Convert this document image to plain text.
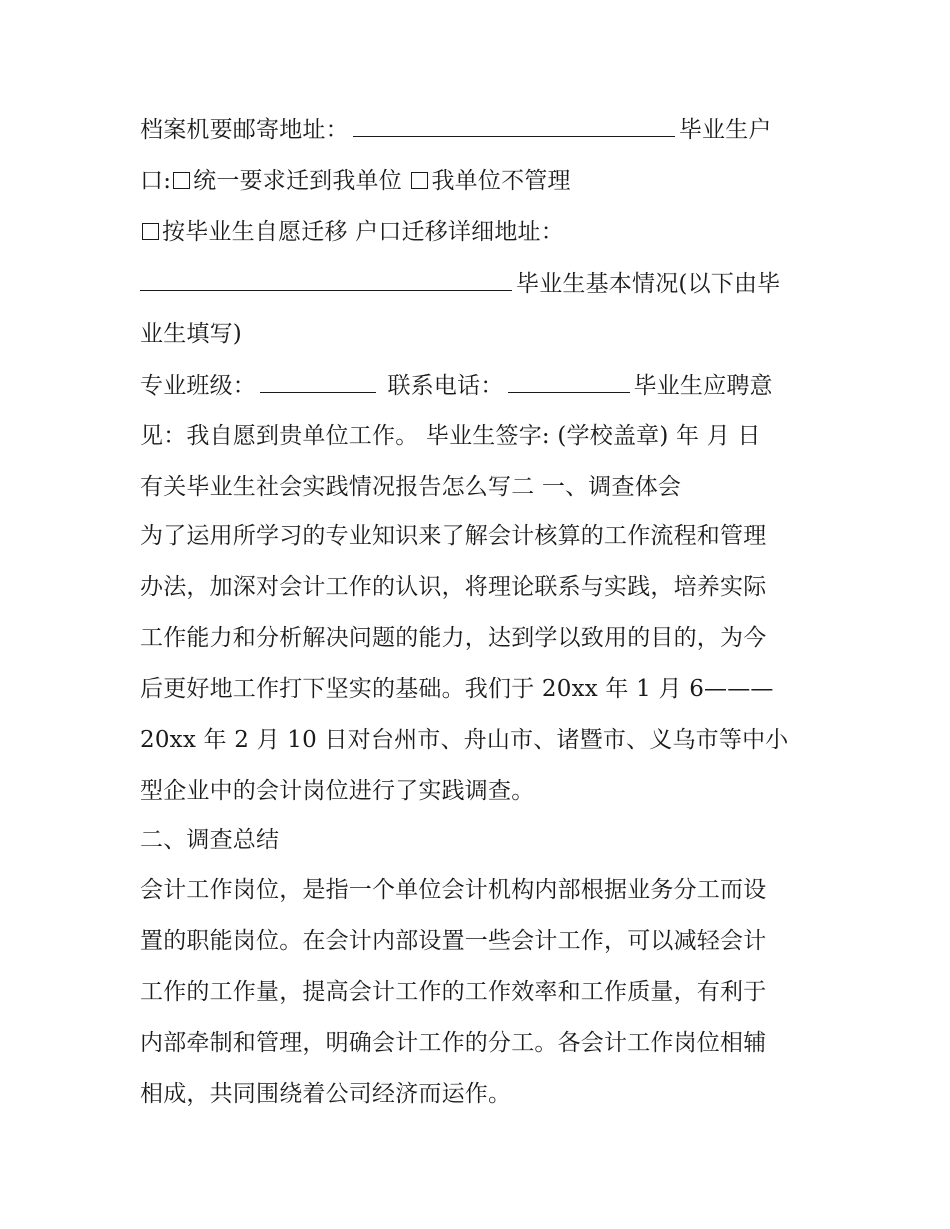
档案机要邮寄地址：	毕业生户
口: 统一要求迁到我单位 我单位不管理
按毕业生自愿迁移 户口迁移详细地址：
毕业生基本情况(以下由毕
业生填写)
专业班级：	联系电话：	毕业生应聘意
见：我自愿到贵单位工作。 毕业生签字: (学校盖章) 年 月 日
有关毕业生社会实践情况报告怎么写二 一、调查体会
为了运用所学习的专业知识来了解会计核算的工作流程和管理
办法，加深对会计工作的认识，将理论联系与实践，培养实际
工作能力和分析解决问题的能力，达到学以致用的目的，为今
后更好地工作打下坚实的基础。我们于 20xx 年 1 月 6———
20xx 年 2 月 10 日对台州市、舟山市、诸暨市、义乌市等中小
型企业中的会计岗位进行了实践调查。
二、调查总结
会计工作岗位，是指一个单位会计机构内部根据业务分工而设
置的职能岗位。在会计内部设置一些会计工作，可以减轻会计
工作的工作量，提高会计工作的工作效率和工作质量，有利于
内部牵制和管理，明确会计工作的分工。各会计工作岗位相辅
相成，共同围绕着公司经济而运作。
